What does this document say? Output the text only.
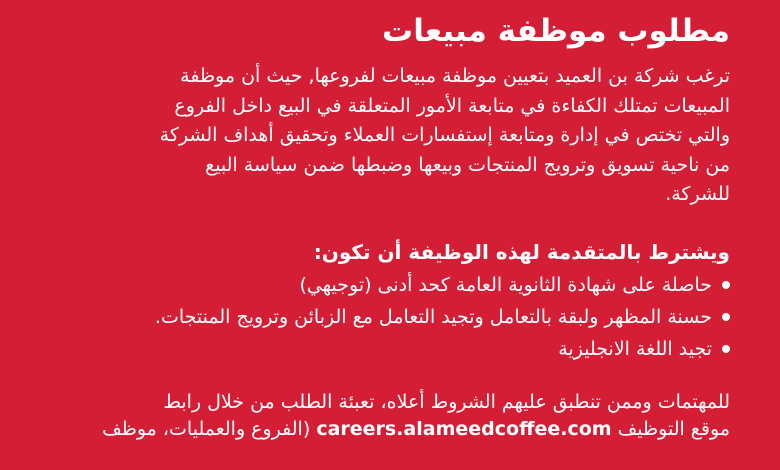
مطلوب موظفة مبيعات
ترغب شركة بن العميد بتعيين موظفة مبيعات لفروعها, حيث أن موظفة
المبيعات تمتلك الكفاءة في متابعة الأمور المتعلقة في البيع داخل الفروع
والتي تختص في إدارة ومتابعة إستفسارات العملاء وتحقيق أهداف الشركة
من ناحية تسويق وترويج المنتجات وبيعها وضبطها ضمن سياسة البيع
للشركة.
ويشترط بالمتقدمة لهذه الوظيفة أن تكون:
حاصلة على شهادة الثانوية العامة كحد أدنى (توجيهي)
حسنة المظهر ولبقة بالتعامل وتجيد التعامل مع الزبائن وترويج المنتجات.
تجيد اللغة الانجليزية
للمهتمات وممن تنطبق عليهم الشروط أعلاه، تعبئة الطلب من خلال رابط
موقع التوظيف careers.alameedcoffee.com (الفروع والعمليات، موظف
